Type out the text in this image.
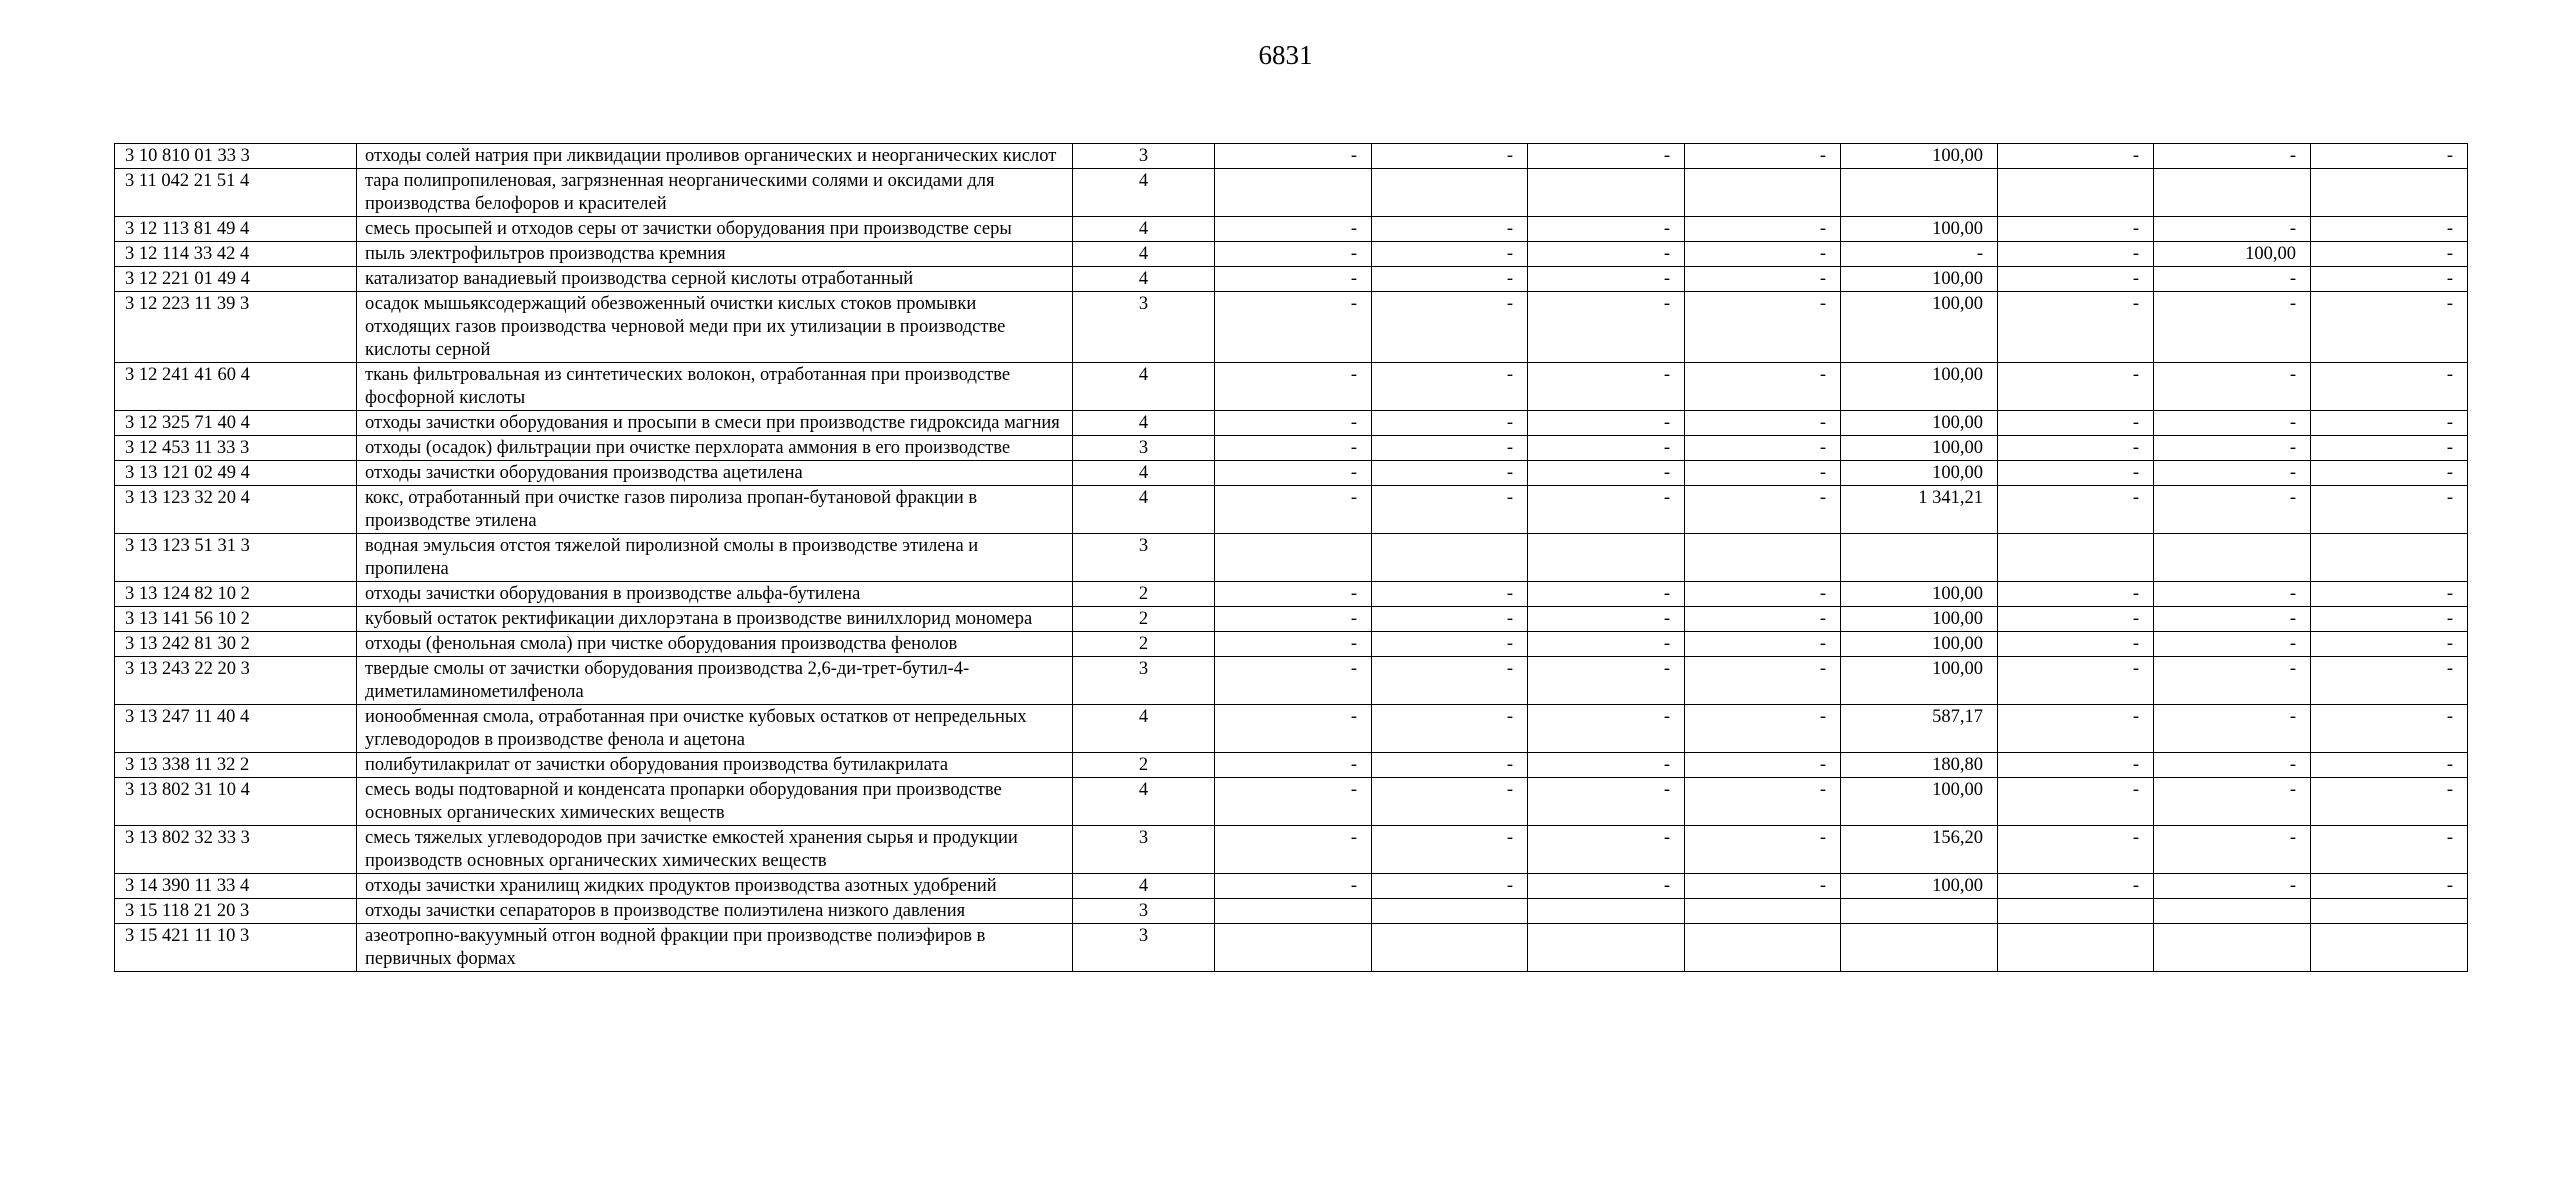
6831
3 10 810 01 33 3	отходы солей натрия при ликвидации проливов органических и неорганических кислот	3	-	-	-	-	100,00	-	-	-
3 11 042 21 51 4	тара полипропиленовая, загрязненная неорганическими солями и оксидами для производства белофоров и красителей	4								
3 12 113 81 49 4	смесь просыпей и отходов серы от зачистки оборудования при производстве серы	4	-	-	-	-	100,00	-	-	-
3 12 114 33 42 4	пыль электрофильтров производства кремния	4	-	-	-	-	-	-	100,00	-
3 12 221 01 49 4	катализатор ванадиевый производства серной кислоты отработанный	4	-	-	-	-	100,00	-	-	-
3 12 223 11 39 3	осадок мышьяксодержащий обезвоженный очистки кислых стоков промывки отходящих газов производства черновой меди при их утилизации в производстве кислоты серной	3	-	-	-	-	100,00	-	-	-
3 12 241 41 60 4	ткань фильтровальная из синтетических волокон, отработанная при производстве фосфорной кислоты	4	-	-	-	-	100,00	-	-	-
3 12 325 71 40 4	отходы зачистки оборудования и просыпи в смеси при производстве гидроксида магния	4	-	-	-	-	100,00	-	-	-
3 12 453 11 33 3	отходы (осадок) фильтрации при очистке перхлората аммония в его производстве	3	-	-	-	-	100,00	-	-	-
3 13 121 02 49 4	отходы зачистки оборудования производства ацетилена	4	-	-	-	-	100,00	-	-	-
3 13 123 32 20 4	кокс, отработанный при очистке газов пиролиза пропан-бутановой фракции в производстве этилена	4	-	-	-	-	1 341,21	-	-	-
3 13 123 51 31 3	водная эмульсия отстоя тяжелой пиролизной смолы в производстве этилена и пропилена	3								
3 13 124 82 10 2	отходы зачистки оборудования в производстве альфа-бутилена	2	-	-	-	-	100,00	-	-	-
3 13 141 56 10 2	кубовый остаток ректификации дихлорэтана в производстве винилхлорид мономера	2	-	-	-	-	100,00	-	-	-
3 13 242 81 30 2	отходы (фенольная смола) при чистке оборудования производства фенолов	2	-	-	-	-	100,00	-	-	-
3 13 243 22 20 3	твердые смолы от зачистки оборудования производства 2,6-ди-трет-бутил-4-диметиламинометилфенола	3	-	-	-	-	100,00	-	-	-
3 13 247 11 40 4	ионообменная смола, отработанная при очистке кубовых остатков от непредельных углеводородов в производстве фенола и ацетона	4	-	-	-	-	587,17	-	-	-
3 13 338 11 32 2	полибутилакрилат от зачистки оборудования производства бутилакрилата	2	-	-	-	-	180,80	-	-	-
3 13 802 31 10 4	смесь воды подтоварной и конденсата пропарки оборудования при производстве основных органических химических веществ	4	-	-	-	-	100,00	-	-	-
3 13 802 32 33 3	смесь тяжелых углеводородов при зачистке емкостей хранения сырья и продукции производств основных органических химических веществ	3	-	-	-	-	156,20	-	-	-
3 14 390 11 33 4	отходы зачистки хранилищ жидких продуктов производства азотных удобрений	4	-	-	-	-	100,00	-	-	-
3 15 118 21 20 3	отходы зачистки сепараторов в производстве полиэтилена низкого давления	3								
3 15 421 11 10 3	азеотропно-вакуумный отгон водной фракции при производстве полиэфиров в первичных формах	3								
